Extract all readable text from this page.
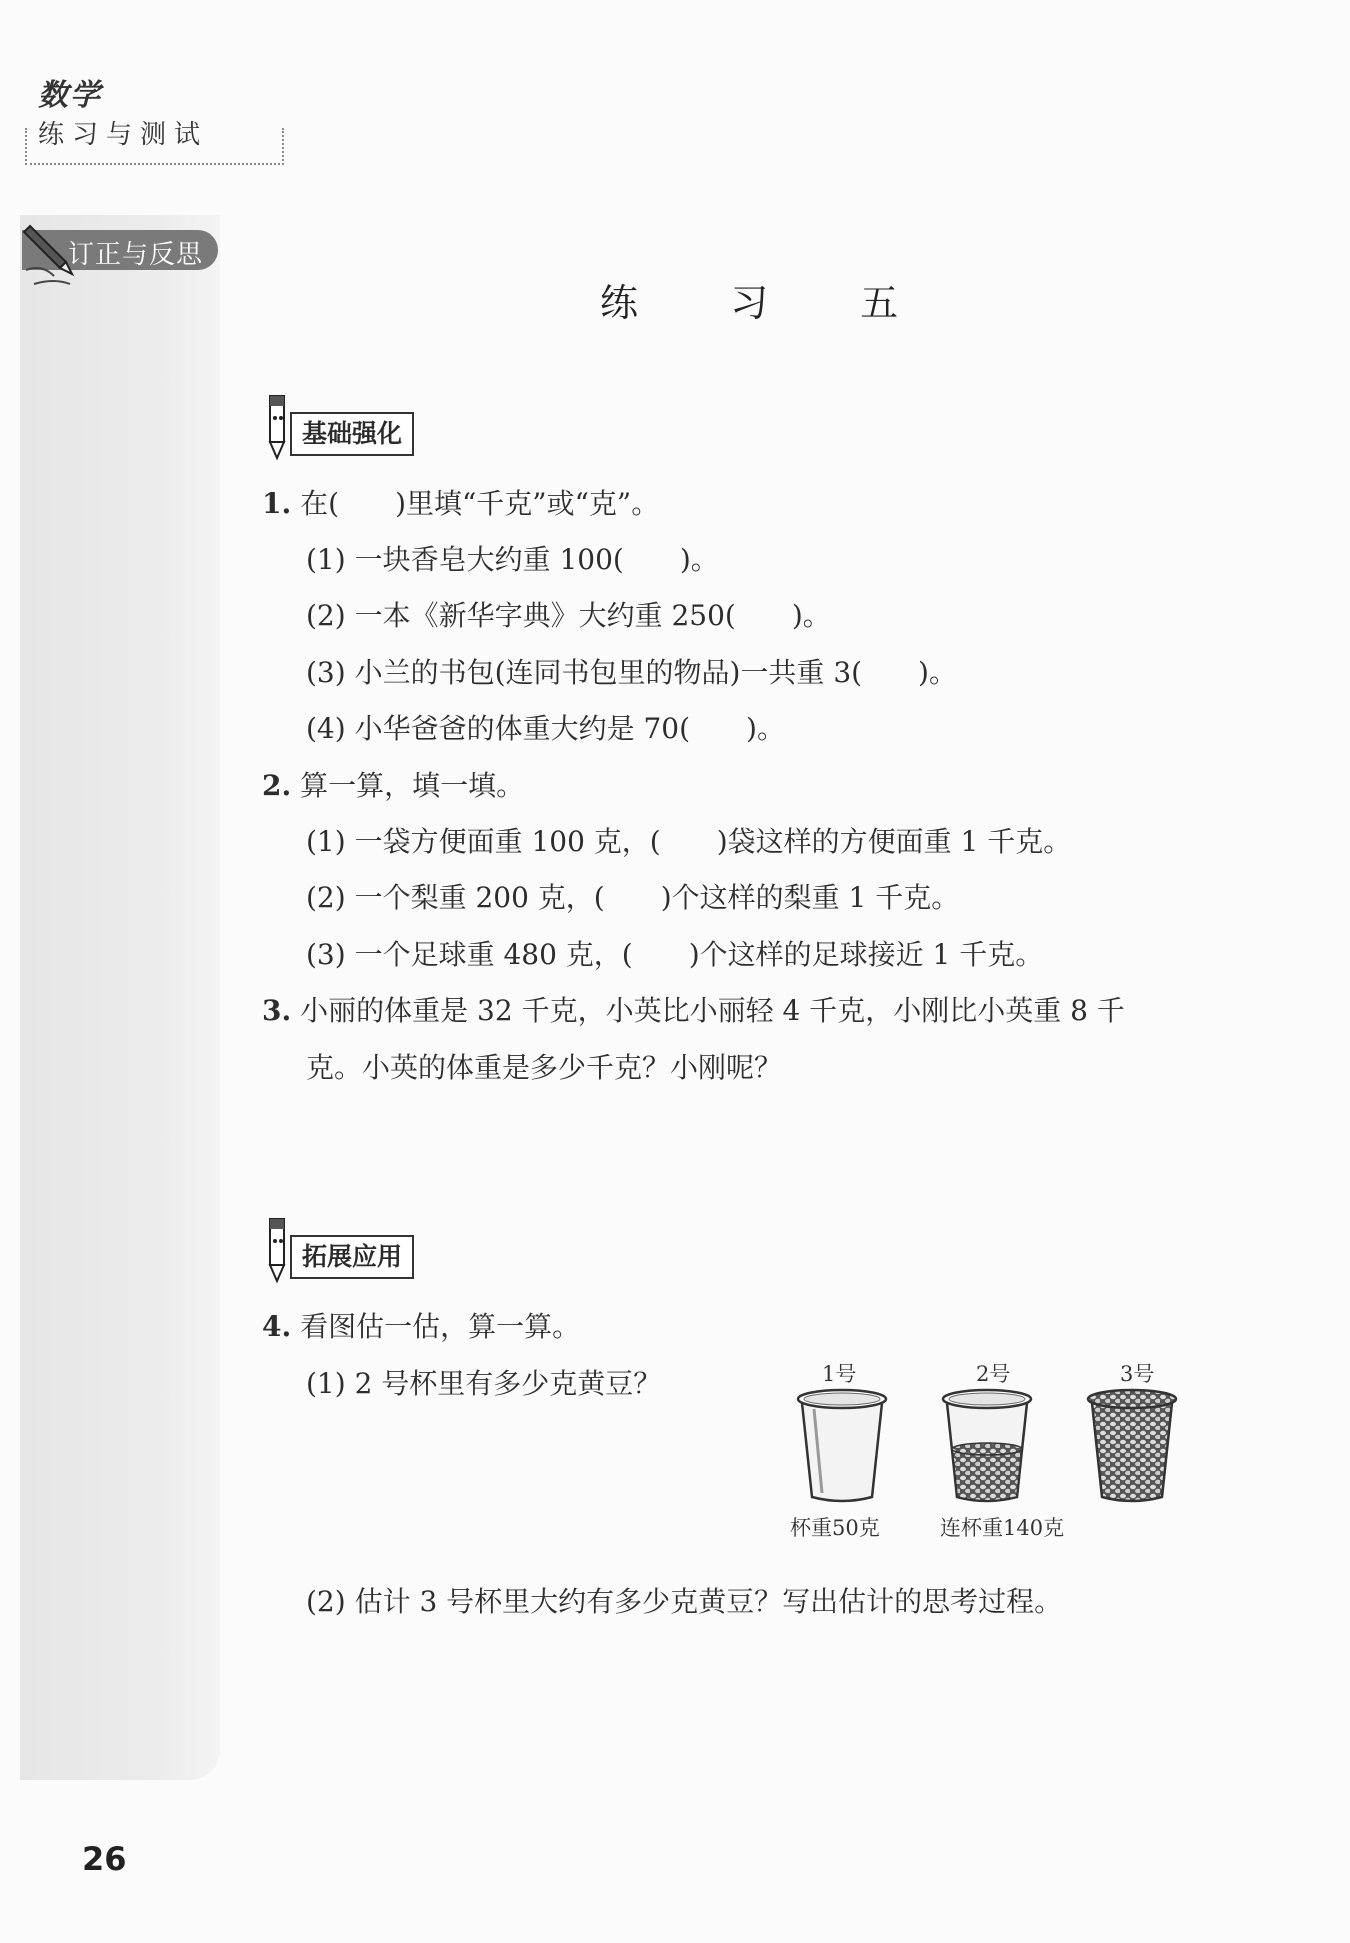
数学
练习与测试
订正与反思
练 习 五
基础强化
1. 在(　　)里填“千克”或“克”。
(1) 一块香皂大约重 100(　　)。
(2) 一本《新华字典》大约重 250(　　)。
(3) 小兰的书包(连同书包里的物品)一共重 3(　　)。
(4) 小华爸爸的体重大约是 70(　　)。
2. 算一算，填一填。
(1) 一袋方便面重 100 克，(　　)袋这样的方便面重 1 千克。
(2) 一个梨重 200 克，(　　)个这样的梨重 1 千克。
(3) 一个足球重 480 克，(　　)个这样的足球接近 1 千克。
3. 小丽的体重是 32 千克，小英比小丽轻 4 千克，小刚比小英重 8 千
克。小英的体重是多少千克？小刚呢？
拓展应用
4. 看图估一估，算一算。
(1) 2 号杯里有多少克黄豆？	1号	2号	3号
杯重50克	连杯重140克
(2) 估计 3 号杯里大约有多少克黄豆？写出估计的思考过程。
26
